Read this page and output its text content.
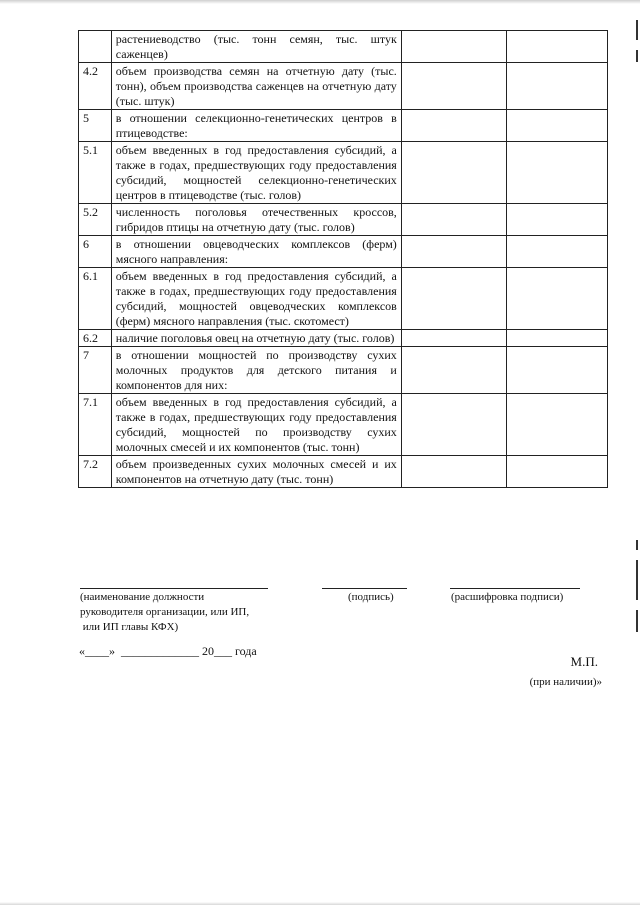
	растениеводство (тыс. тонн семян, тыс. штук саженцев)		
4.2	объем производства семян на отчетную дату (тыс. тонн), объем производства саженцев на отчетную дату (тыс. штук)		
5	в отношении селекционно-генетических центров в птицеводстве:		
5.1	объем введенных в год предоставления субсидий, а также в годах, предшествующих году предоставления субсидий, мощностей селекционно-генетических центров в птицеводстве (тыс. голов)		
5.2	численность поголовья отечественных кроссов, гибридов птицы на отчетную дату (тыс. голов)		
6	в отношении овцеводческих комплексов (ферм) мясного направления:		
6.1	объем введенных в год предоставления субсидий, а также в годах, предшествующих году предоставления субсидий, мощностей овцеводческих комплексов (ферм) мясного направления (тыс. скотомест)		
6.2	наличие поголовья овец на отчетную дату (тыс. голов)		
7	в отношении мощностей по производству сухих молочных продуктов для детского питания и компонентов для них:		
7.1	объем введенных в год предоставления субсидий, а также в годах, предшествующих году предоставления субсидий, мощностей по производству сухих молочных смесей и их компонентов (тыс. тонн)		
7.2	объем произведенных сухих молочных смесей и их компонентов на отчетную дату (тыс. тонн)		
(наименование должности
руководителя организации, или ИП,
или ИП главы КФХ)
(подпись)	(расшифровка подписи)
«____»  _____________ 20___ года
М.П.
(при наличии)»
